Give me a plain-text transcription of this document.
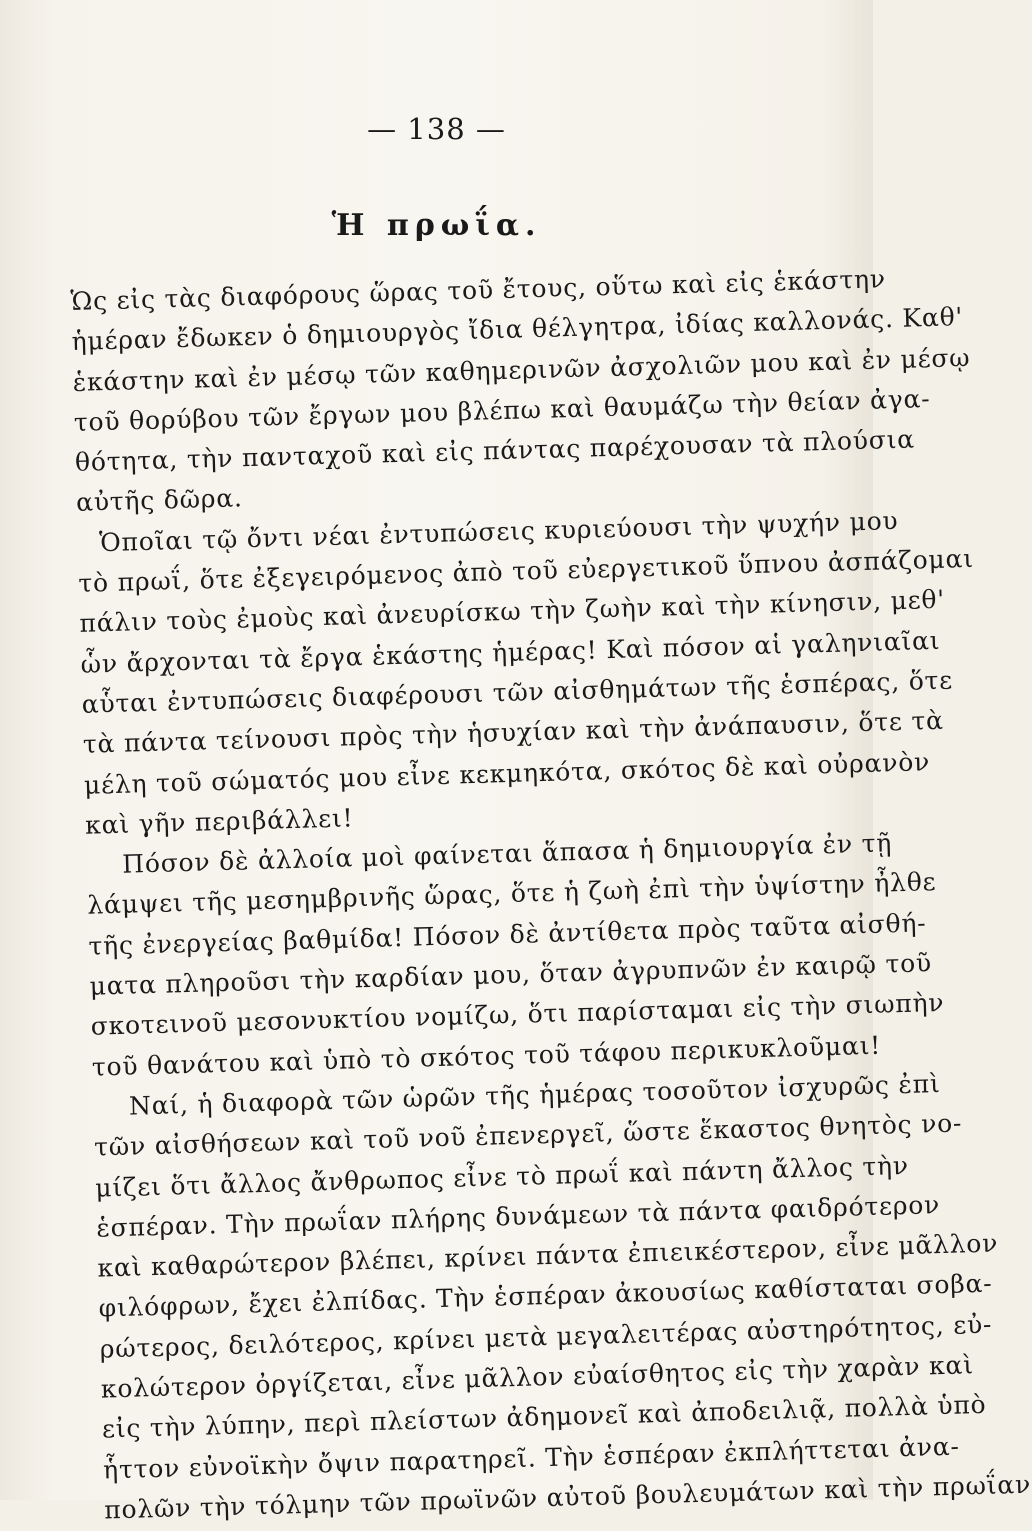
— 138 —
Ἡ πρωΐα.
Ὡς εἰς τὰς διαφόρους ὥρας τοῦ ἔτους, οὕτω καὶ εἰς ἑκάστην
ἡμέραν ἔδωκεν ὁ δημιουργὸς ἴδια θέλγητρα, ἰδίας καλλονάς. Καθ'
ἑκάστην καὶ ἐν μέσῳ τῶν καθημερινῶν ἀσχολιῶν μου καὶ ἐν μέσῳ
τοῦ θορύβου τῶν ἔργων μου βλέπω καὶ θαυμάζω τὴν θείαν ἀγα-
θότητα, τὴν πανταχοῦ καὶ εἰς πάντας παρέχουσαν τὰ πλούσια
αὐτῆς δῶρα.
Ὁποῖαι τῷ ὄντι νέαι ἐντυπώσεις κυριεύουσι τὴν ψυχήν μου
τὸ πρωΐ, ὅτε ἐξεγειρόμενος ἀπὸ τοῦ εὐεργετικοῦ ὕπνου ἀσπάζομαι
πάλιν τοὺς ἐμοὺς καὶ ἀνευρίσκω τὴν ζωὴν καὶ τὴν κίνησιν, μεθ'
ὧν ἄρχονται τὰ ἔργα ἑκάστης ἡμέρας! Καὶ πόσον αἱ γαληνιαῖαι
αὗται ἐντυπώσεις διαφέρουσι τῶν αἰσθημάτων τῆς ἑσπέρας, ὅτε
τὰ πάντα τείνουσι πρὸς τὴν ἡσυχίαν καὶ τὴν ἀνάπαυσιν, ὅτε τὰ
μέλη τοῦ σώματός μου εἶνε κεκμηκότα, σκότος δὲ καὶ οὐρανὸν
καὶ γῆν περιβάλλει!
Πόσον δὲ ἀλλοία μοὶ φαίνεται ἅπασα ἡ δημιουργία ἐν τῇ
λάμψει τῆς μεσημβρινῆς ὥρας, ὅτε ἡ ζωὴ ἐπὶ τὴν ὑψίστην ἦλθε
τῆς ἐνεργείας βαθμίδα! Πόσον δὲ ἀντίθετα πρὸς ταῦτα αἰσθή-
ματα πληροῦσι τὴν καρδίαν μου, ὅταν ἀγρυπνῶν ἐν καιρῷ τοῦ
σκοτεινοῦ μεσονυκτίου νομίζω, ὅτι παρίσταμαι εἰς τὴν σιωπὴν
τοῦ θανάτου καὶ ὑπὸ τὸ σκότος τοῦ τάφου περικυκλοῦμαι!
Ναί, ἡ διαφορὰ τῶν ὡρῶν τῆς ἡμέρας τοσοῦτον ἰσχυρῶς ἐπὶ
τῶν αἰσθήσεων καὶ τοῦ νοῦ ἐπενεργεῖ, ὥστε ἕκαστος θνητὸς νο-
μίζει ὅτι ἄλλος ἄνθρωπος εἶνε τὸ πρωΐ καὶ πάντη ἄλλος τὴν
ἑσπέραν. Τὴν πρωΐαν πλήρης δυνάμεων τὰ πάντα φαιδρότερον
καὶ καθαρώτερον βλέπει, κρίνει πάντα ἐπιεικέστερον, εἶνε μᾶλλον
φιλόφρων, ἔχει ἐλπίδας. Τὴν ἑσπέραν ἀκουσίως καθίσταται σοβα-
ρώτερος, δειλότερος, κρίνει μετὰ μεγαλειτέρας αὐστηρότητος, εὐ-
κολώτερον ὀργίζεται, εἶνε μᾶλλον εὐαίσθητος εἰς τὴν χαρὰν καὶ
εἰς τὴν λύπην, περὶ πλείστων ἀδημονεῖ καὶ ἀποδειλιᾷ, πολλὰ ὑπὸ
ἧττον εὐνοϊκὴν ὄψιν παρατηρεῖ. Τὴν ἑσπέραν ἐκπλήττεται ἀνα-
πολῶν τὴν τόλμην τῶν πρωϊνῶν αὐτοῦ βουλευμάτων καὶ τὴν πρωΐαν
